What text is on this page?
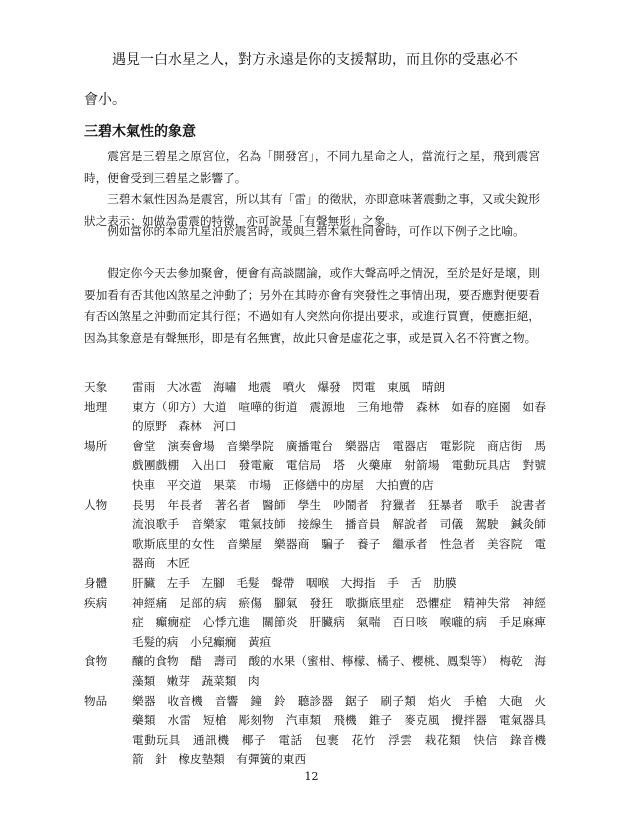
遇見一白水星之人，對方永遠是你的支援幫助，而且你的受惠必不
會小。

三碧木氣性的象意

震宮是三碧星之原宮位，名為「開發宮」，不同九星命之人，當流行之星，飛到震宮時，便會受到三碧星之影響了。

三碧木氣性因為是震宮，所以其有「雷」的徵狀，亦即意味著震動之事，又或尖銳形狀之表示；如做為雷震的特徵，亦可說是「有聲無形」之象。

例如當你的本命九星泊於震宮時，或與三碧木氣性同會時，可作以下例子之比喻。

假定你今天去參加聚會，便會有高談闊論，或作大聲高呼之情況，至於是好是壞，則要加看有否其他凶煞星之沖動了；另外在其時亦會有突發性之事情出現，要否應對便要看有否凶煞星之沖動而定其行徑；不過如有人突然向你提出要求，或進行買賣，便應拒絕，因為其象意是有聲無形，即是有名無實，故此只會是虛花之事，或是買入名不符實之物。

天象	雷雨　大冰雹　海嘯　地震　噴火　爆發　閃電　東風　晴朗
地理	東方（卯方）大道　喧嘩的街道　震源地　三角地帶　森林　如春的庭園　如春的原野　森林　河口
場所	會堂　演奏會場　音樂學院　廣播電台　樂器店　電器店　電影院　商店街　馬戲團戲棚　入出口　發電廠　電信局　塔　火藥庫　射箭場　電動玩具店　對號快車　平交道　果菜　市場　正修繕中的房屋　大拍賣的店
人物	長男　年長者　著名者　醫師　學生　吵鬧者　狩獵者　狂暴者　歌手　說書者　流浪歌手　音樂家　電氣技師　接線生　播音員　解說者　司儀　駕駛　鍼灸師　歌斯底里的女性　音樂屋　樂器商　騙子　養子　繼承者　性急者　美容院　電器商　木匠
身體	肝臟　左手　左腳　毛髮　聲帶　咽喉　大拇指　手　舌　肋膜
疾病	神經痛　足部的病　瘀傷　腳氣　發狂　歌撕底里症　恐懼症　精神失常　神經症　癲癇症　心悸亢進　關節炎　肝臟病　氣喘　百日咳　喉嚨的病　手足麻痺　毛髮的病　小兒癲癇　黃疸
食物	釀的食物　醋　壽司　酸的水果（蜜柑、檸檬、橘子、櫻桃、鳳梨等）　梅乾　海藻類　嫩芽　蔬菜類　肉
物品	樂器　收音機　音響　鐘　鈴　聽診器　鋸子　刷子類　焰火　手槍　大砲　火藥類　水雷　短槍　彫刻物　汽車類　飛機　錐子　麥克風　攪拌器　電氣器具　電動玩具　通訊機　椰子　電話　包裹　花竹　浮雲　栽花類　快信　錄音機　箭　針　橡皮墊類　有彈簧的東西
12
